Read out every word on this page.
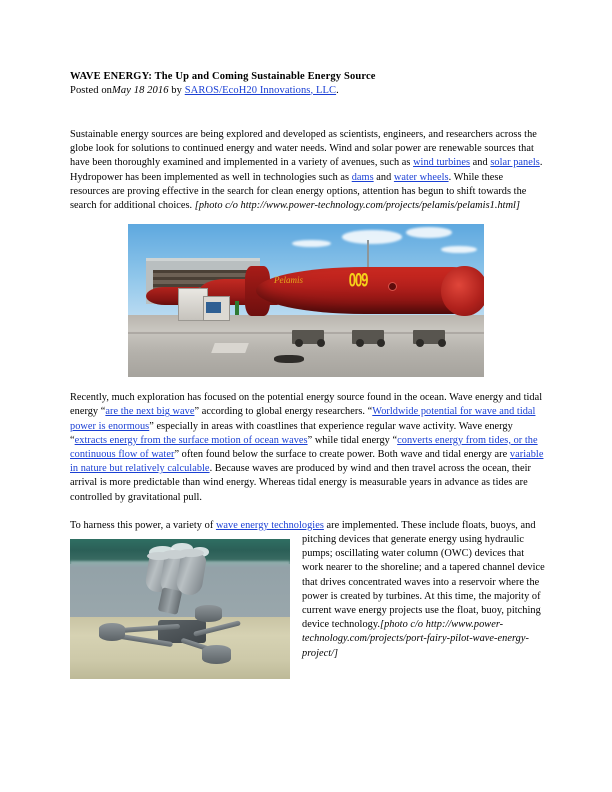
WAVE ENERGY: The Up and Coming Sustainable Energy Source

Posted onMay 18 2016 by SAROS/EcoH20 Innovations, LLC.

Sustainable energy sources are being explored and developed as scientists, engineers, and researchers across the globe look for solutions to continued energy and water needs. Wind and solar power are renewable sources that have been thoroughly examined and implemented in a variety of avenues, such as wind turbines and solar panels. Hydropower has been implemented as well in technologies such as dams and water wheels. While these resources are proving effective in the search for clean energy options, attention has begun to shift towards the search for additional choices. [photo c/o http://www.power-technology.com/projects/pelamis/pelamis1.html]

009
Pelamis

Recently, much exploration has focused on the potential energy source found in the ocean. Wave energy and tidal energy “are the next big wave” according to global energy researchers. “Worldwide potential for wave and tidal power is enormous” especially in areas with coastlines that experience regular wave activity. Wave energy “extracts energy from the surface motion of ocean waves” while tidal energy “converts energy from tides, or the continuous flow of water” often found below the surface to create power. Both wave and tidal energy are variable in nature but relatively calculable. Because waves are produced by wind and then travel across the ocean, their arrival is more predictable than wind energy. Whereas tidal energy is measurable years in advance as tides are controlled by gravitational pull.

To harness this power, a variety of wave energy technologies
are implemented. These include floats, buoys, and pitching devices that generate energy using hydraulic pumps; oscillating water column (OWC) devices that work nearer to the shoreline; and a tapered channel device that drives concentrated waves into a reservoir where the power is created by turbines. At this time, the majority of current wave energy projects use the float, buoy, pitching device technology.[photo c/o http://www.power-technology.com/projects/port-fairy-pilot-wave-energy-project/]
